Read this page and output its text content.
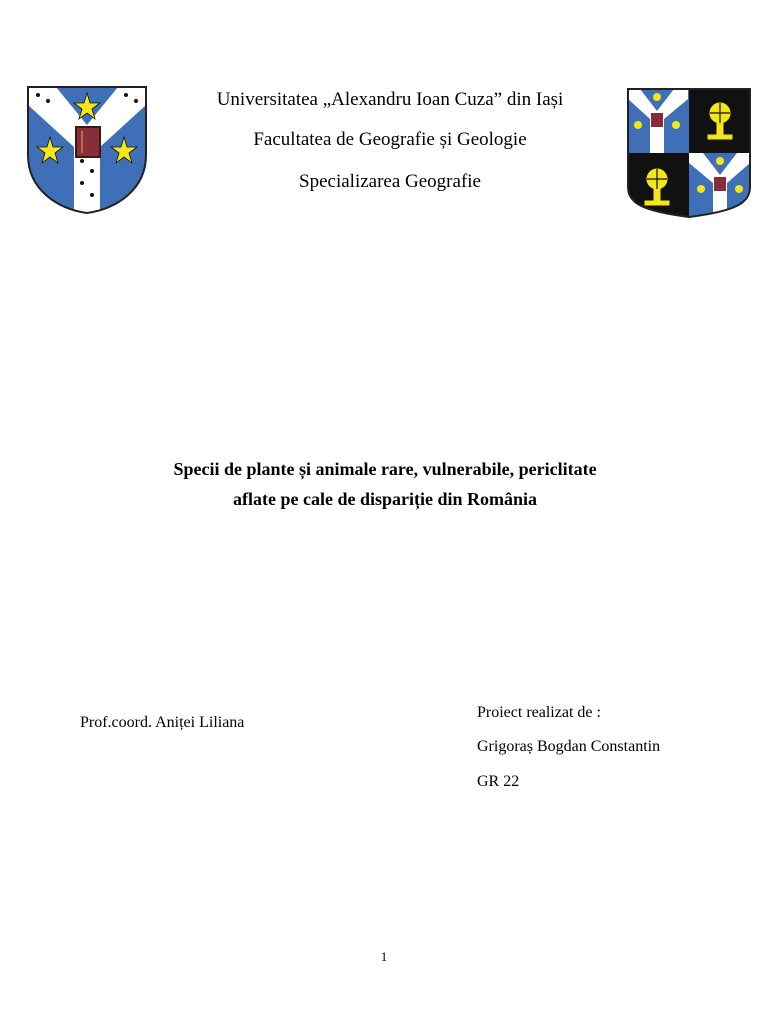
Universitatea „Alexandru Ioan Cuza” din Iași
Facultatea de Geografie și Geologie
Specializarea Geografie
Specii de plante și animale rare, vulnerabile, periclitate
aflate pe cale de dispariție din România
Prof.coord. Aniței Liliana
Proiect realizat de :
Grigoraș Bogdan Constantin
GR 22
1
